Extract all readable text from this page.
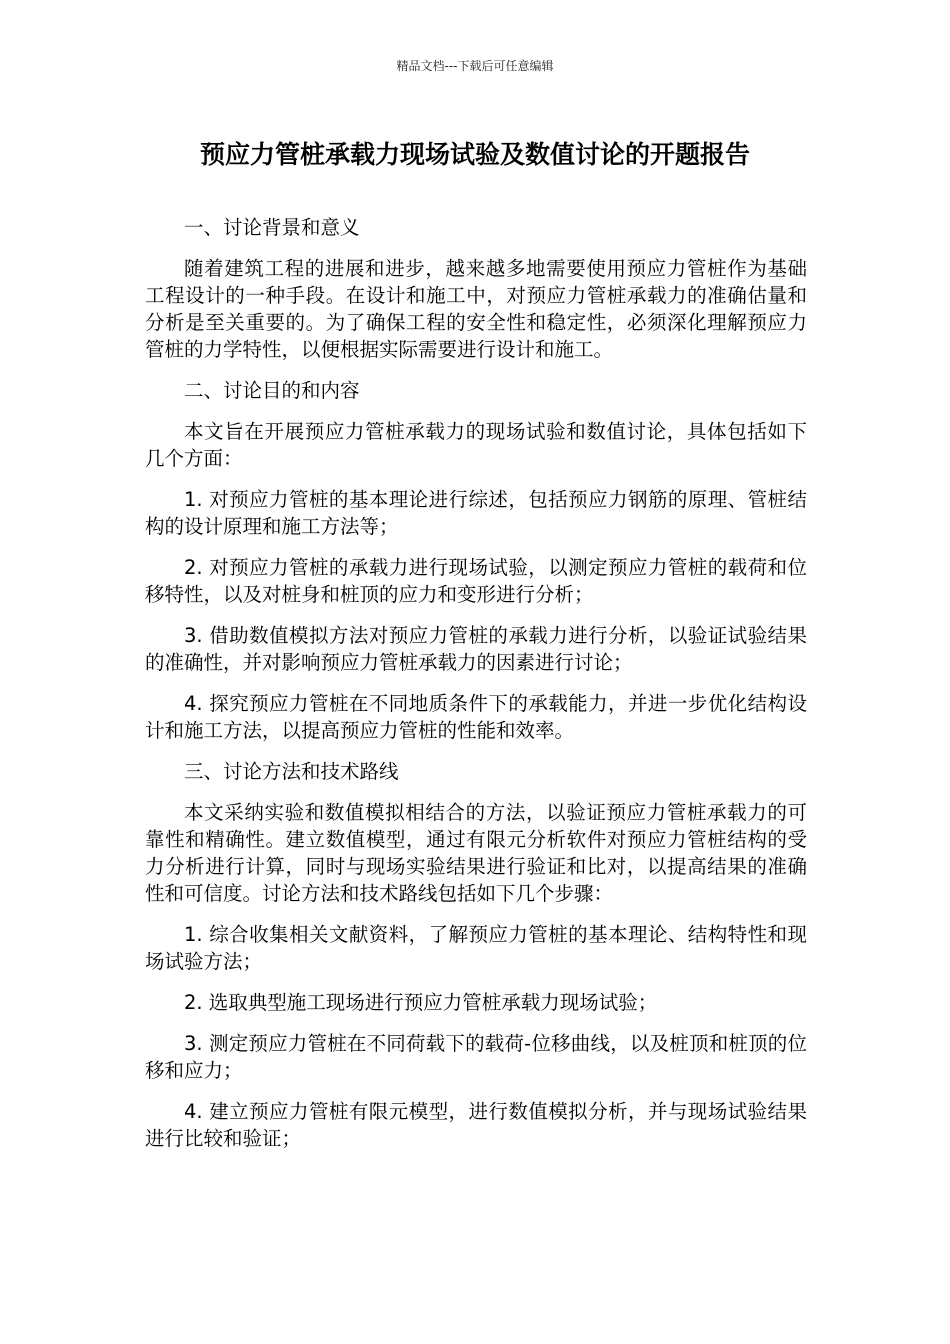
精品文档---下载后可任意编辑
预应力管桩承载力现场试验及数值讨论的开题报告

一、讨论背景和意义

随着建筑工程的进展和进步，越来越多地需要使用预应力管桩作为基础工程设计的一种手段。在设计和施工中，对预应力管桩承载力的准确估量和分析是至关重要的。为了确保工程的安全性和稳定性，必须深化理解预应力管桩的力学特性，以便根据实际需要进行设计和施工。

二、讨论目的和内容

本文旨在开展预应力管桩承载力的现场试验和数值讨论，具体包括如下几个方面：

1. 对预应力管桩的基本理论进行综述，包括预应力钢筋的原理、管桩结构的设计原理和施工方法等；

2. 对预应力管桩的承载力进行现场试验，以测定预应力管桩的载荷和位移特性，以及对桩身和桩顶的应力和变形进行分析；

3. 借助数值模拟方法对预应力管桩的承载力进行分析，以验证试验结果的准确性，并对影响预应力管桩承载力的因素进行讨论；

4. 探究预应力管桩在不同地质条件下的承载能力，并进一步优化结构设计和施工方法，以提高预应力管桩的性能和效率。

三、讨论方法和技术路线

本文采纳实验和数值模拟相结合的方法，以验证预应力管桩承载力的可靠性和精确性。建立数值模型，通过有限元分析软件对预应力管桩结构的受力分析进行计算，同时与现场实验结果进行验证和比对，以提高结果的准确性和可信度。讨论方法和技术路线包括如下几个步骤：

1. 综合收集相关文献资料，了解预应力管桩的基本理论、结构特性和现场试验方法；

2. 选取典型施工现场进行预应力管桩承载力现场试验；

3. 测定预应力管桩在不同荷载下的载荷-位移曲线，以及桩顶和桩顶的位移和应力；

4. 建立预应力管桩有限元模型，进行数值模拟分析，并与现场试验结果进行比较和验证；
